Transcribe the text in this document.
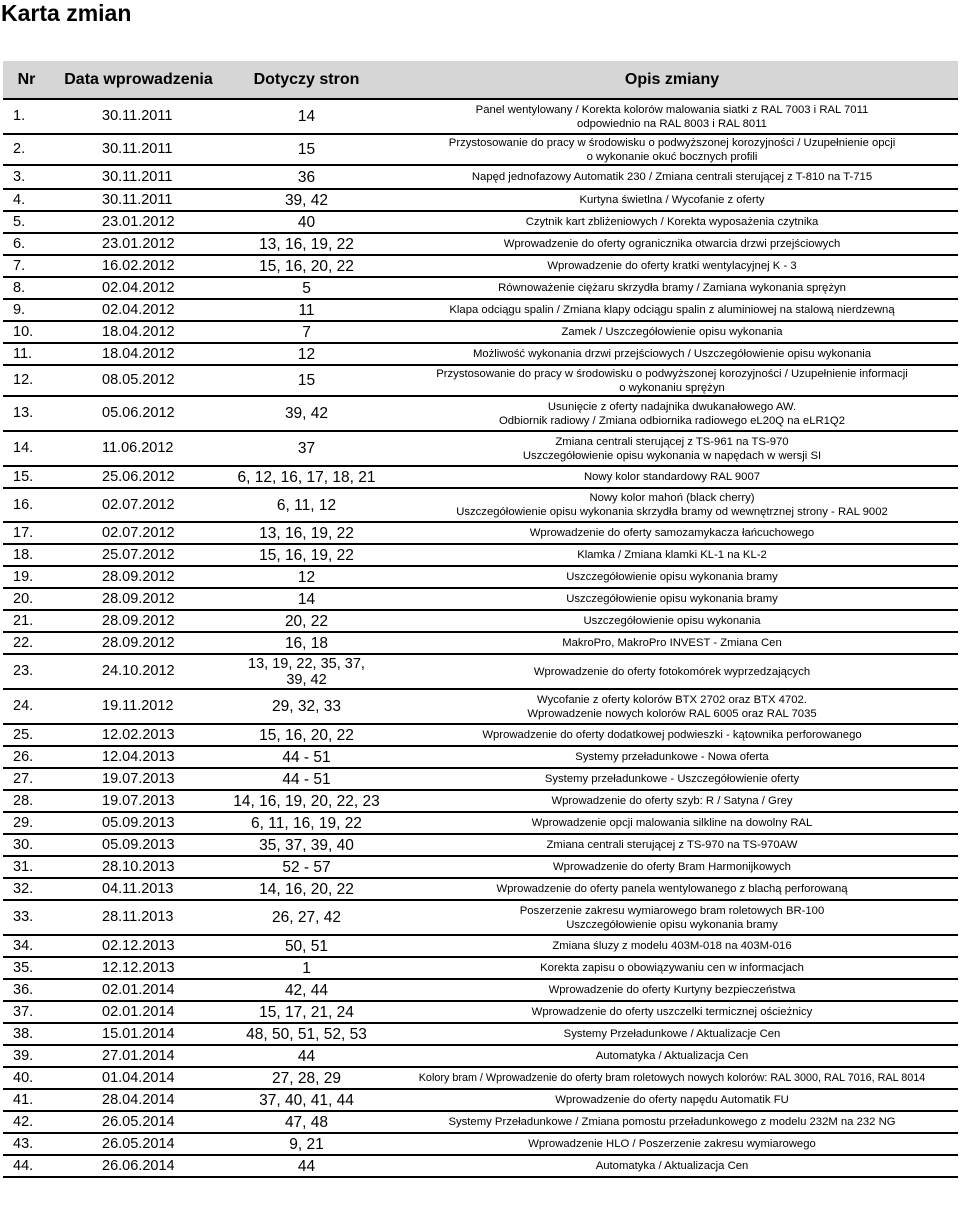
Karta zmian
Nr	Data wprowadzenia	Dotyczy stron	Opis zmiany
1.	30.11.2011	14	Panel wentylowany / Korekta kolorów malowania siatki z RAL 7003 i RAL 7011
odpowiednio na RAL 8003 i RAL 8011

2.	30.11.2011	15	Przystosowanie do pracy w środowisku o podwyższonej korozyjności / Uzupełnienie opcji
o wykonanie okuć bocznych profili

3.	30.11.2011	36	Napęd jednofazowy Automatik 230 / Zmiana centrali sterującej z T-810 na T-715

4.	30.11.2011	39, 42	Kurtyna świetlna / Wycofanie z oferty

5.	23.01.2012	40	Czytnik kart zbliżeniowych / Korekta wyposażenia czytnika

6.	23.01.2012	13, 16, 19, 22	Wprowadzenie do oferty ogranicznika otwarcia drzwi przejściowych

7.	16.02.2012	15, 16, 20, 22	Wprowadzenie do oferty kratki wentylacyjnej K - 3

8.	02.04.2012	5	Równoważenie ciężaru skrzydła bramy / Zamiana wykonania sprężyn

9.	02.04.2012	11	Klapa odciągu spalin / Zmiana klapy odciągu spalin z aluminiowej na stalową nierdzewną

10.	18.04.2012	7	Zamek / Uszczegółowienie opisu wykonania

11.	18.04.2012	12	Możliwość wykonania drzwi przejściowych / Uszczegółowienie opisu wykonania

12.	08.05.2012	15	Przystosowanie do pracy w środowisku o podwyższonej korozyjności / Uzupełnienie informacji
o wykonaniu sprężyn

13.	05.06.2012	39, 42	Usunięcie z oferty nadajnika dwukanałowego AW.
Odbiornik radiowy / Zmiana odbiornika radiowego eL20Q na eLR1Q2

14.	11.06.2012	37	Zmiana centrali sterującej z TS-961 na TS-970
Uszczegółowienie opisu wykonania w napędach w wersji SI

15.	25.06.2012	6, 12, 16, 17, 18, 21	Nowy kolor standardowy RAL 9007

16.	02.07.2012	6, 11, 12	Nowy kolor mahoń (black cherry)
Uszczegółowienie opisu wykonania skrzydła bramy od wewnętrznej strony - RAL 9002

17.	02.07.2012	13, 16, 19, 22	Wprowadzenie do oferty samozamykacza łańcuchowego

18.	25.07.2012	15, 16, 19, 22	Klamka / Zmiana klamki KL-1 na KL-2

19.	28.09.2012	12	Uszczegółowienie opisu wykonania bramy

20.	28.09.2012	14	Uszczegółowienie opisu wykonania bramy

21.	28.09.2012	20, 22	Uszczegółowienie opisu wykonania

22.	28.09.2012	16, 18	MakroPro, MakroPro INVEST - Zmiana Cen

23.	24.10.2012	13, 19, 22, 35, 37, 39, 42	Wprowadzenie do oferty fotokomórek wyprzedzających

24.	19.11.2012	29, 32, 33	Wycofanie z oferty kolorów BTX 2702 oraz BTX 4702.
Wprowadzenie nowych kolorów RAL 6005 oraz RAL 7035

25.	12.02.2013	15, 16, 20, 22	Wprowadzenie do oferty dodatkowej podwieszki - kątownika perforowanego

26.	12.04.2013	44 - 51	Systemy przeładunkowe - Nowa oferta

27.	19.07.2013	44 - 51	Systemy przeładunkowe - Uszczegółowienie oferty

28.	19.07.2013	14, 16, 19, 20, 22, 23	Wprowadzenie do oferty szyb: R / Satyna / Grey

29.	05.09.2013	6, 11, 16, 19, 22	Wprowadzenie opcji malowania silkline na dowolny RAL

30.	05.09.2013	35, 37, 39, 40	Zmiana centrali sterującej z TS-970 na TS-970AW

31.	28.10.2013	52 - 57	Wprowadzenie do oferty Bram Harmonijkowych

32.	04.11.2013	14, 16, 20, 22	Wprowadzenie do oferty panela wentylowanego z blachą perforowaną

33.	28.11.2013	26, 27, 42	Poszerzenie zakresu wymiarowego bram roletowych BR-100
Uszczegółowienie opisu wykonania bramy

34.	02.12.2013	50, 51	Zmiana śluzy z modelu 403M-018 na 403M-016

35.	12.12.2013	1	Korekta zapisu o obowiązywaniu cen w informacjach

36.	02.01.2014	42, 44	Wprowadzenie do oferty Kurtyny bezpieczeństwa

37.	02.01.2014	15, 17, 21, 24	Wprowadzenie do oferty uszczelki termicznej ościeżnicy

38.	15.01.2014	48, 50, 51, 52, 53	Systemy Przeładunkowe / Aktualizacje Cen

39.	27.01.2014	44	Automatyka / Aktualizacja Cen

40.	01.04.2014	27, 28, 29	Kolory bram / Wprowadzenie do oferty bram roletowych nowych kolorów: RAL 3000, RAL 7016, RAL 8014

41.	28.04.2014	37, 40, 41, 44	Wprowadzenie do oferty napędu Automatik FU

42.	26.05.2014	47, 48	Systemy Przeładunkowe / Zmiana pomostu przeładunkowego z modelu 232M na 232 NG

43.	26.05.2014	9, 21	Wprowadzenie HLO / Poszerzenie zakresu wymiarowego

44.	26.06.2014	44	Automatyka / Aktualizacja Cen
